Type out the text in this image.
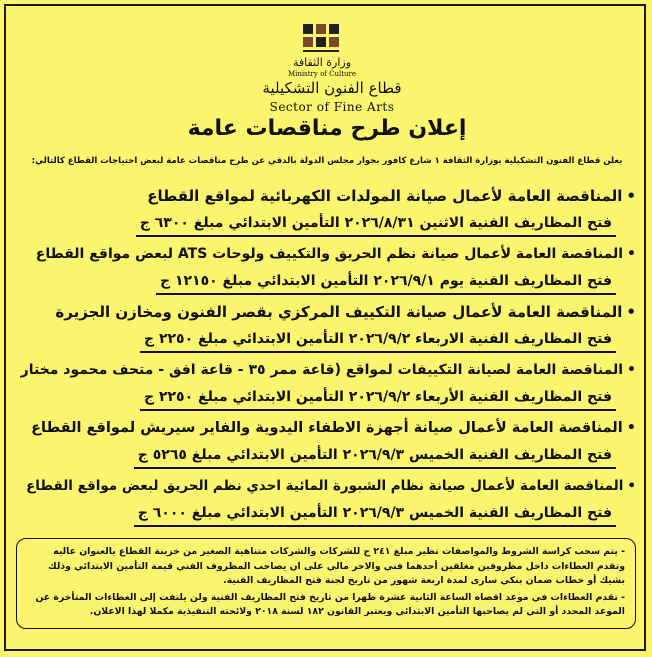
وزارة الثقافة
Ministry of Culture
قطاع الفنون التشكيلية
Sector of Fine Arts
إعلان طرح مناقصات عامة
يعلن قطاع الفنون التشكيلية بوزارة الثقافة ١ شارع كافور بجوار مجلس الدولة بالدقي عن طرح مناقصات عامة لبعض احتياجات القطاع كالتالي:
•المناقصة العامة لأعمال صيانة المولدات الكهربائية لمواقع القطاع
فتح المظاريف الفنية الاثنين ٢٠٢٦/٨/٣١ التأمين الابتدائي مبلغ ٦٣٠٠ ج
•المناقصة العامة لأعمال صيانة نظم الحريق والتكييف ولوحات ATS لبعض مواقع القطاع
فتح المظاريف الفنية يوم ٢٠٢٦/٩/١ التأمين الابتدائي مبلغ ١٢١٥٠ ج
•المناقصة العامة لأعمال صيانة التكييف المركزي بقصر الفنون ومخازن الجزيرة
فتح المظاريف الفنية الاربعاء ٢٠٢٦/٩/٢ التأمين الابتدائي مبلغ ٢٢٥٠ ج
•المناقصة العامة لصيانة التكييفات لمواقع (قاعة ممر ٣٥ - قاعة افق - متحف محمود مختار
فتح المظاريف الفنية الأربعاء ٢٠٢٦/٩/٢ التأمين الابتدائي مبلغ ٢٢٥٠ ج
•المناقصة العامة لأعمال صيانة أجهزة الاطفاء اليدوية والفاير سيريش لمواقع القطاع
فتح المظاريف الفنية الخميس ٢٠٢٦/٩/٣ التأمين الابتدائي مبلغ ٥٢٦٥ ج
•المناقصة العامة لأعمال صيانة نظام الشبورة المائية احدي نظم الحريق لبعض مواقع القطاع
فتح المظاريف الفنية الخميس ٢٠٢٦/٩/٣ التأمين الابتدائي مبلغ ٦٠٠٠ ج

- يتم سحب كراسة الشروط والمواصفات نظير مبلغ ٢٤١ ج للشركات والشركات متناهية الصغير من خزينة القطاع بالعنوان عاليه وتقدم العطاءات داخل مظروفين مغلقين أحدهما فني والاخر مالي على ان يصاحب المظروف الفني قيمة التأمين الابتدائي وذلك بشيك أو خطاب ضمان بنكي سارى لمدة اربعة شهور من تاريخ لجنة فتح المظاريف الفنية.

- تقدم العطاءات في موعد اقصاه الساعة الثانية عشرة ظهرا من تاريخ فتح المظاريف الفنية ولن يلتفت إلى العطاءات المتأخرة عن الموعد المحدد أو التي لم يصاحبها التأمين الابتدائي ويعتبر القانون ١٨٢ لسنة ٢٠١٨ ولائحته التنفيذية مكملا لهذا الاعلان.
